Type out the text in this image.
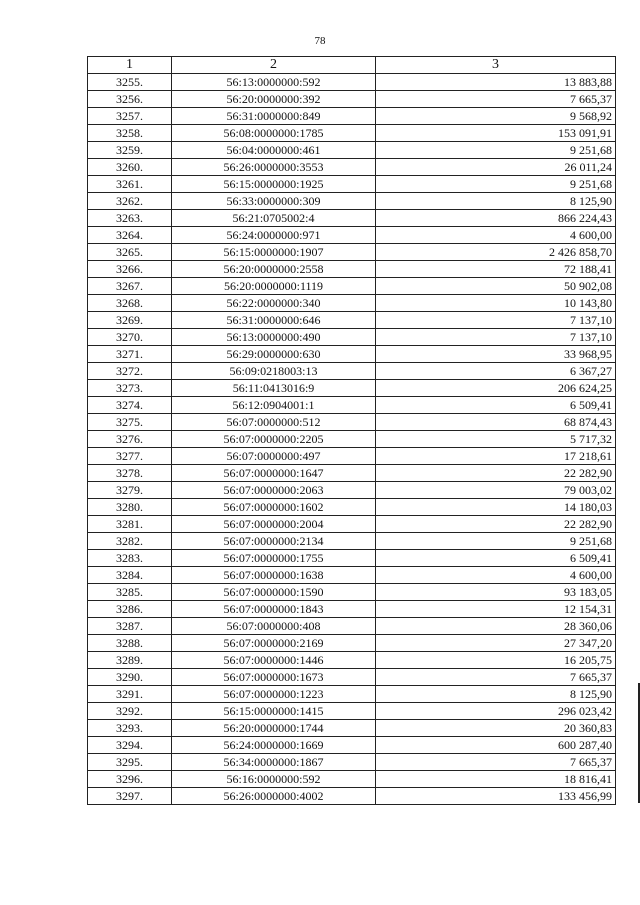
78
1	2	3
3255.	56:13:0000000:592	13 883,88
3256.	56:20:0000000:392	7 665,37
3257.	56:31:0000000:849	9 568,92
3258.	56:08:0000000:1785	153 091,91
3259.	56:04:0000000:461	9 251,68
3260.	56:26:0000000:3553	26 011,24
3261.	56:15:0000000:1925	9 251,68
3262.	56:33:0000000:309	8 125,90
3263.	56:21:0705002:4	866 224,43
3264.	56:24:0000000:971	4 600,00
3265.	56:15:0000000:1907	2 426 858,70
3266.	56:20:0000000:2558	72 188,41
3267.	56:20:0000000:1119	50 902,08
3268.	56:22:0000000:340	10 143,80
3269.	56:31:0000000:646	7 137,10
3270.	56:13:0000000:490	7 137,10
3271.	56:29:0000000:630	33 968,95
3272.	56:09:0218003:13	6 367,27
3273.	56:11:0413016:9	206 624,25
3274.	56:12:0904001:1	6 509,41
3275.	56:07:0000000:512	68 874,43
3276.	56:07:0000000:2205	5 717,32
3277.	56:07:0000000:497	17 218,61
3278.	56:07:0000000:1647	22 282,90
3279.	56:07:0000000:2063	79 003,02
3280.	56:07:0000000:1602	14 180,03
3281.	56:07:0000000:2004	22 282,90
3282.	56:07:0000000:2134	9 251,68
3283.	56:07:0000000:1755	6 509,41
3284.	56:07:0000000:1638	4 600,00
3285.	56:07:0000000:1590	93 183,05
3286.	56:07:0000000:1843	12 154,31
3287.	56:07:0000000:408	28 360,06
3288.	56:07:0000000:2169	27 347,20
3289.	56:07:0000000:1446	16 205,75
3290.	56:07:0000000:1673	7 665,37
3291.	56:07:0000000:1223	8 125,90
3292.	56:15:0000000:1415	296 023,42
3293.	56:20:0000000:1744	20 360,83
3294.	56:24:0000000:1669	600 287,40
3295.	56:34:0000000:1867	7 665,37
3296.	56:16:0000000:592	18 816,41
3297.	56:26:0000000:4002	133 456,99
